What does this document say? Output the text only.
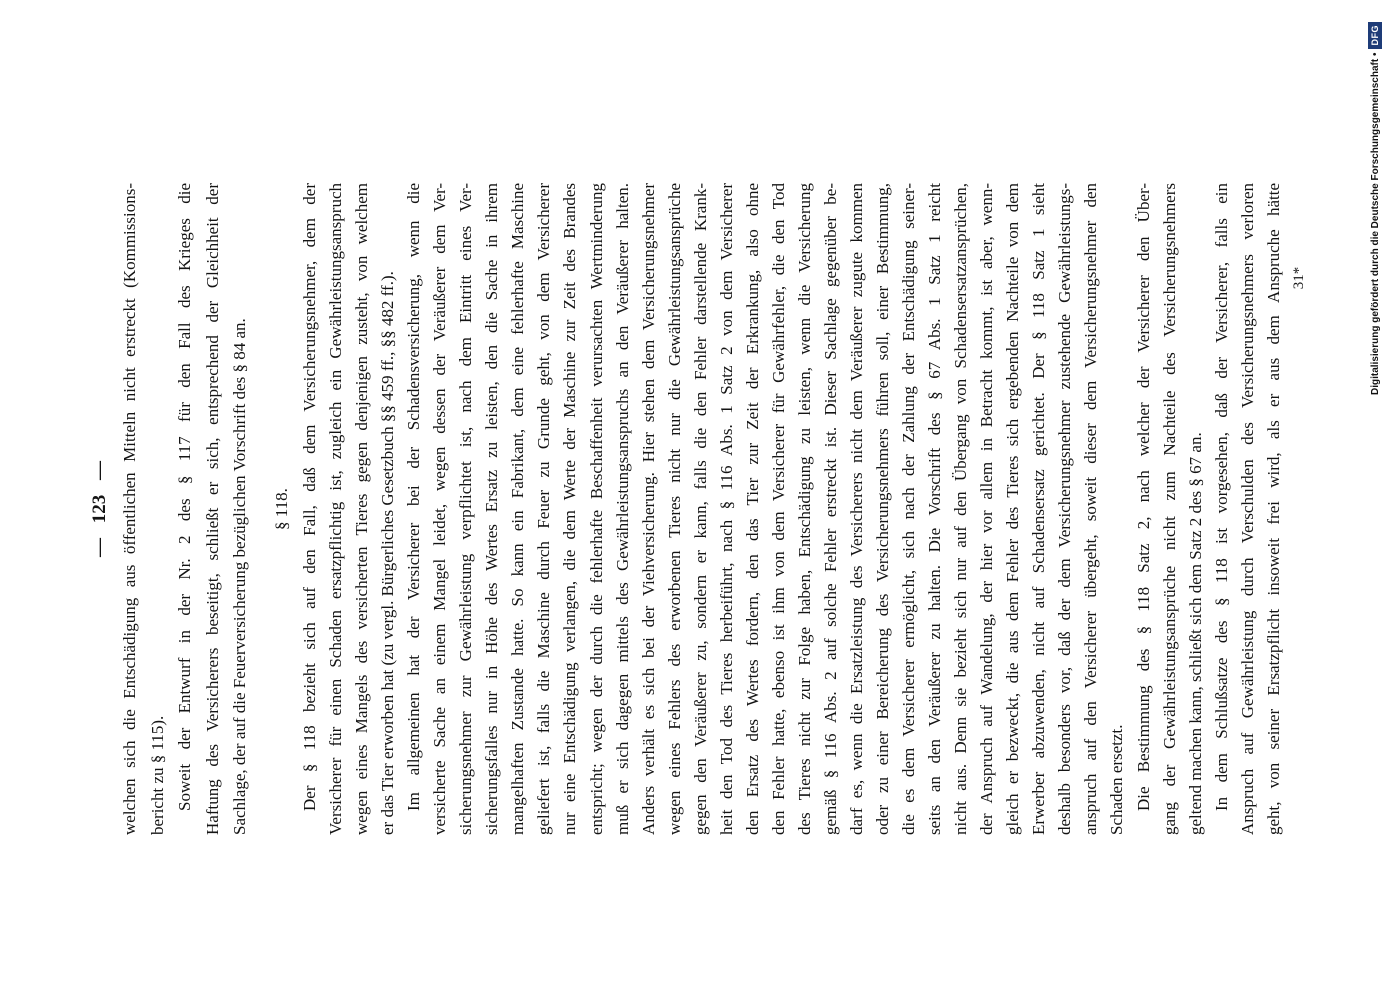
— 123 — welchen sich die Entschädigung aus öffentlichen Mitteln nicht erstreckt (Kommissions- bericht zu § 115). Soweit der Entwurf in der Nr. 2 des § 117 für den Fall des Krieges die Haftung des Versicherers beseitigt, schließt er sich, entsprechend der Gleichheit der Sachlage, der auf die Feuerversicherung bezüglichen Vorschrift des § 84 an. § 118. Der § 118 bezieht sich auf den Fall, daß dem Versicherungsnehmer, dem der Versicherer für einen Schaden ersatzpflichtig ist, zugleich ein Gewährleistungsanspruch wegen eines Mangels des versicherten Tieres gegen denjenigen zusteht, von welchem er das Tier erworben hat (zu vergl. Bürgerliches Gesetzbuch §§ 459 ff., §§ 482 ff.). Im allgemeinen hat der Versicherer bei der Schadensversicherung, wenn die versicherte Sache an einem Mangel leidet, wegen dessen der Veräußerer dem Ver- sicherungsnehmer zur Gewährleistung verpflichtet ist, nach dem Eintritt eines Ver- sicherungsfalles nur in Höhe des Wertes Ersatz zu leisten, den die Sache in ihrem mangelhaften Zustande hatte. So kann ein Fabrikant, dem eine fehlerhafte Maschine geliefert ist, falls die Maschine durch Feuer zu Grunde geht, von dem Versicherer nur eine Entschädigung verlangen, die dem Werte der Maschine zur Zeit des Brandes entspricht; wegen der durch die fehlerhafte Beschaffenheit verursachten Wertminderung muß er sich dagegen mittels des Gewährleistungsanspruchs an den Veräußerer halten. Anders verhält es sich bei der Viehversicherung. Hier stehen dem Versicherungsnehmer wegen eines Fehlers des erworbenen Tieres nicht nur die Gewährleistungsansprüche gegen den Veräußerer zu, sondern er kann, falls die den Fehler darstellende Krank- heit den Tod des Tieres herbeiführt, nach § 116 Abs. 1 Satz 2 von dem Versicherer den Ersatz des Wertes fordern, den das Tier zur Zeit der Erkrankung, also ohne den Fehler hatte, ebenso ist ihm von dem Versicherer für Gewährfehler, die den Tod des Tieres nicht zur Folge haben, Entschädigung zu leisten, wenn die Versicherung gemäß § 116 Abs. 2 auf solche Fehler erstreckt ist. Dieser Sachlage gegenüber be- darf es, wenn die Ersatzleistung des Versicherers nicht dem Veräußerer zugute kommen oder zu einer Bereicherung des Versicherungsnehmers führen soll, einer Bestimmung, die es dem Versicherer ermöglicht, sich nach der Zahlung der Entschädigung seiner- seits an den Veräußerer zu halten. Die Vorschrift des § 67 Abs. 1 Satz 1 reicht nicht aus. Denn sie bezieht sich nur auf den Übergang von Schadensersatzansprüchen, der Anspruch auf Wandelung, der hier vor allem in Betracht kommt, ist aber, wenn- gleich er bezweckt, die aus dem Fehler des Tieres sich ergebenden Nachteile von dem Erwerber abzuwenden, nicht auf Schadensersatz gerichtet. Der § 118 Satz 1 sieht deshalb besonders vor, daß der dem Versicherungsnehmer zustehende Gewährleistungs- anspruch auf den Versicherer übergeht, soweit dieser dem Versicherungsnehmer den Schaden ersetzt. Die Bestimmung des § 118 Satz 2, nach welcher der Versicherer den Über- gang der Gewährleistungsansprüche nicht zum Nachteile des Versicherungsnehmers geltend machen kann, schließt sich dem Satz 2 des § 67 an. In dem Schlußsatze des § 118 ist vorgesehen, daß der Versicherer, falls ein Anspruch auf Gewährleistung durch Verschulden des Versicherungsnehmers verloren geht, von seiner Ersatzpflicht insoweit frei wird, als er aus dem Anspruche hätte 31*	Digitalisierung gefördert durch die Deutsche Forschungsgemeinschaft •
DFG
